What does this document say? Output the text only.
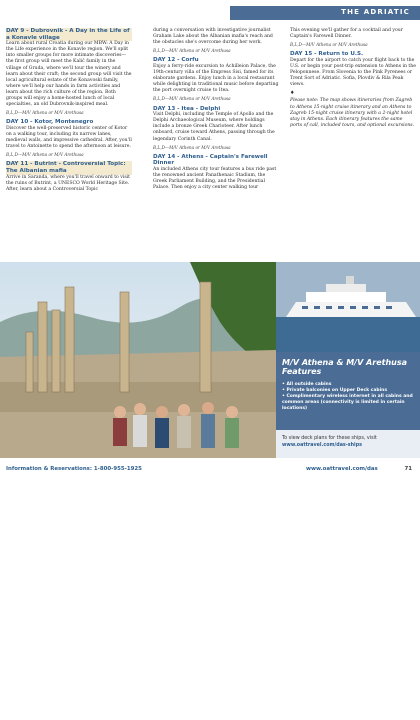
THE ADRIATIC
DAY 9 - Dubrovnik - A Day in the Life of a Konavle village

Learn about rural Croatia during our MBW: A Day in the Life experience in the Konavle region. We'll split into smaller groups for more intimate discoveries—the first group will meet the Kalić family in the village of Gruda, where we'll tour the winery and learn about their craft; the second group will visit the local agricultural estate of the Konavoski family, where we'll help our hands in farm activities and learn about the rich culture of the region. Both groups will enjoy a home-hosted lunch of local specialties, an old Dubrovnik-inspired meal.

B,L,D—M/V Athena or M/V Arethusa
DAY 10 - Kotor, Montenegro

Discover the well-preserved historic center of Kotor on a walking tour, including its narrow lanes, medieval walls, and impressive cathedral. After, you'll travel to Antoinette to spend the afternoon at leisure.

B,L,D—M/V Athena or M/V Arethusa
DAY 11 - Butrint - Controversial Topic: The Albanian mafia

Arrive in Saranda, where you'll travel onward to visit the ruins of Butrint, a UNESCO World Heritage Site. After, learn about a Controversial Topic

during a conversation with investigative journalist Graham Lake about the Albanian mafia's reach and the obstacles she's overcome during her work.

B,L,D—M/V Athena or M/V Arethusa
DAY 12 - Corfu

Enjoy a ferry-ride excursion to Achilleion Palace, the 19th-century villa of the Empress Sisi, famed for its elaborate gardens. Enjoy lunch in a local restaurant while delighting in traditional music before departing the port overnight cruise to Itea.

B,L,D—M/V Athena or M/V Arethusa
DAY 13 - Itea - Delphi

Visit Delphi, including the Temple of Apollo and the Delphi Archaeological Museum, where holdings include a bronze Greek Charioteer. After lunch onboard, cruise toward Athens, passing through the legendary Corinth Canal.

B,L,D—M/V Athena or M/V Arethusa
DAY 14 - Athens - Captain's Farewell Dinner

An included Athens city tour features a bus ride past the renowned ancient Panathenaic Stadium, the Greek Parliament Building, and the Presidential Palace. Then enjoy a city center walking tour

This evening we'll gather for a cocktail and your Captain's Farewell Dinner.

B,L,D—M/V Athena or M/V Arethusa
DAY 15 - Return to U.S.

Depart for the airport to catch your flight back to the U.S. or begin your post-trip extension to Athens in the Peloponnese. From Slovenia to the Pink Pyrenees or Trent Sort of Adriatic. Sofia, Plovdiv & Rila Peak views.

♦

Please note: The map shows itineraries from Zagreb to Athens 15-night cruise itinerary and an Athens to Zagreb 15-night cruise itinerary with a 2-night hotel stay in Athens. Each itinerary features the same ports of call, included tours, and optional excursions.

Discover the ruins of Delphi, Greece on Day 13.
M/V Athena & M/V Arethusa Features
• All outside cabins
• Private balconies on Upper Deck cabins
• Complimentary wireless internet in all cabins and common areas (connectivity is limited in certain locations)
To view deck plans for these ships, visit
www.oattravel.com/das-ships
Information & Reservations: 1-800-955-1925	www.oattravel.com/das	71
